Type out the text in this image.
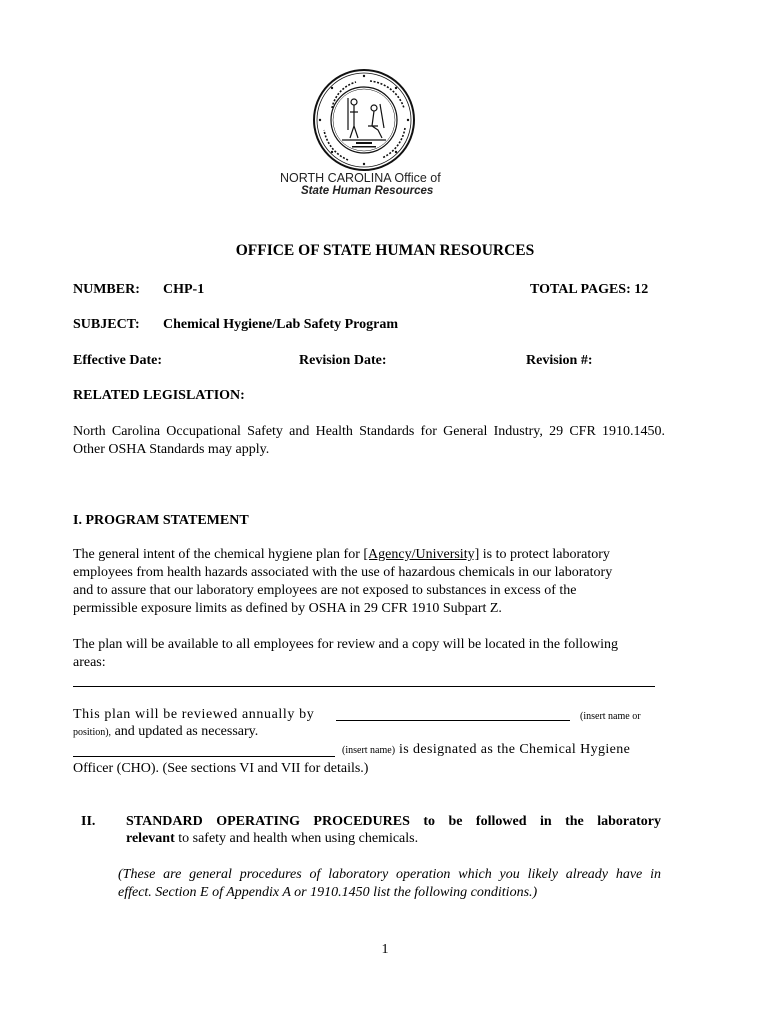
NORTH CAROLINA Office of
State Human Resources
OFFICE OF STATE HUMAN RESOURCES
NUMBER: CHP-1	TOTAL PAGES: 12
SUBJECT: Chemical Hygiene/Lab Safety Program
Effective Date:	Revision Date:	Revision #:
RELATED LEGISLATION:
North Carolina Occupational Safety and Health Standards for General Industry, 29 CFR 1910.1450.
Other OSHA Standards may apply.
I. PROGRAM STATEMENT
The general intent of the chemical hygiene plan for [Agency/University] is to protect laboratory
employees from health hazards associated with the use of hazardous chemicals in our laboratory
and to assure that our laboratory employees are not exposed to substances in excess of the
permissible exposure limits as defined by OSHA in 29 CFR 1910 Subpart Z.
The plan will be available to all employees for review and a copy will be located in the following
areas:
This plan will be reviewed annually by	(insert name or
position), and updated as necessary.
(insert name) is designated as the Chemical Hygiene
Officer (CHO). (See sections VI and VII for details.)
II. STANDARD OPERATING PROCEDURES to be followed in the laboratory
relevant to safety and health when using chemicals.
(These are general procedures of laboratory operation which you likely already have in
effect. Section E of Appendix A or 1910.1450 list the following conditions.)
1
